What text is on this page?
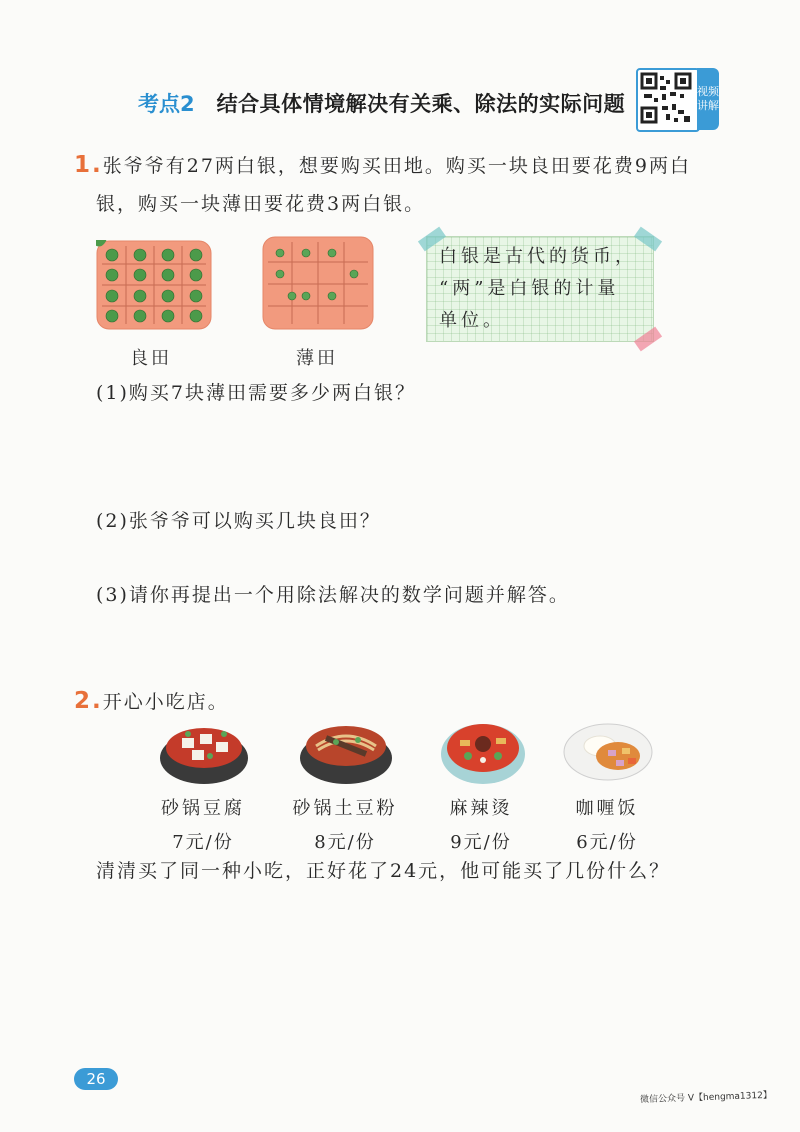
考点2 结合具体情境解决有关乘、除法的实际问题
视频讲解
1.张爷爷有27两白银，想要购买田地。购买一块良田要花费9两白
银，购买一块薄田要花费3两白银。
良田	薄田
白银是古代的货币，
“两”是白银的计量
单位。
(1)购买7块薄田需要多少两白银？
(2)张爷爷可以购买几块良田？
(3)请你再提出一个用除法解决的数学问题并解答。
2.开心小吃店。
砂锅豆腐	砂锅土豆粉	麻辣烫	咖喱饭
7元/份	8元/份	9元/份	6元/份
清清买了同一种小吃，正好花了24元，他可能买了几份什么？
26
微信公众号 V【hengma1312】
